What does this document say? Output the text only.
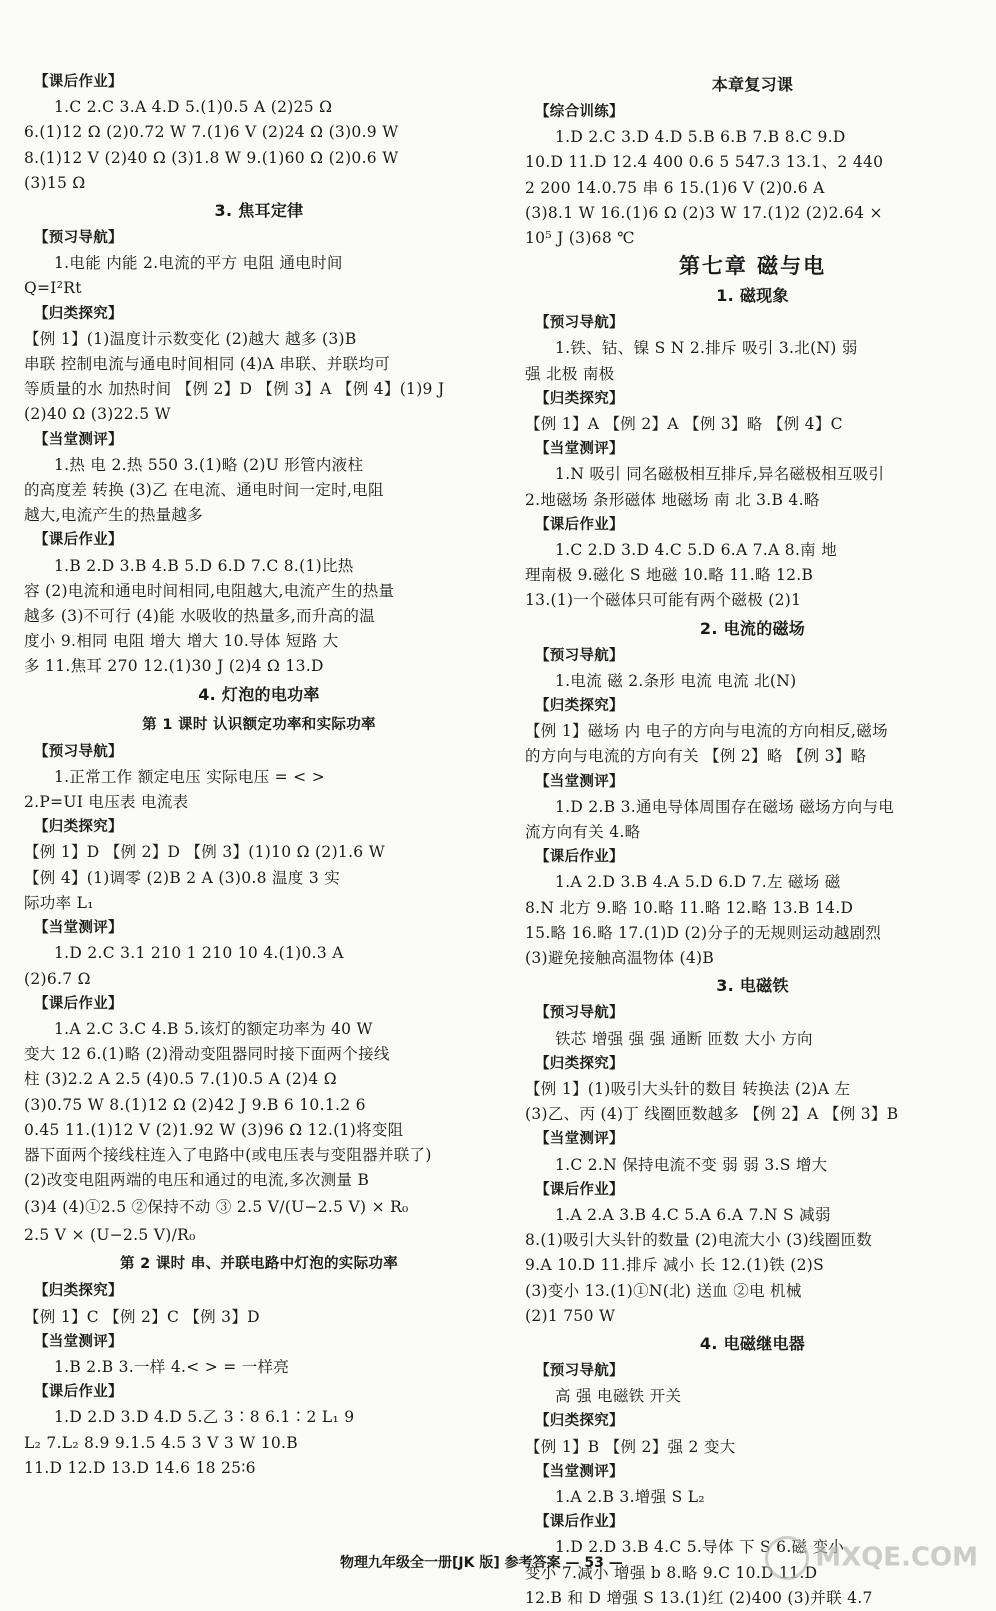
【课后作业】
1.C 2.C 3.A 4.D 5.(1)0.5 A (2)25 Ω
6.(1)12 Ω (2)0.72 W 7.(1)6 V (2)24 Ω (3)0.9 W
8.(1)12 V (2)40 Ω (3)1.8 W 9.(1)60 Ω (2)0.6 W
(3)15 Ω
3. 焦耳定律
【预习导航】
1.电能 内能 2.电流的平方 电阻 通电时间
Q=I²Rt
【归类探究】
【例 1】(1)温度计示数变化 (2)越大 越多 (3)B
串联 控制电流与通电时间相同 (4)A 串联、并联均可
等质量的水 加热时间 【例 2】D 【例 3】A 【例 4】(1)9 J
(2)40 Ω (3)22.5 W
【当堂测评】
1.热 电 2.热 550 3.(1)略 (2)U 形管内液柱
的高度差 转换 (3)乙 在电流、通电时间一定时,电阻
越大,电流产生的热量越多
【课后作业】
1.B 2.D 3.B 4.B 5.D 6.D 7.C 8.(1)比热
容 (2)电流和通电时间相同,电阻越大,电流产生的热量
越多 (3)不可行 (4)能 水吸收的热量多,而升高的温
度小 9.相同 电阻 增大 增大 10.导体 短路 大
多 11.焦耳 270 12.(1)30 J (2)4 Ω 13.D
4. 灯泡的电功率
第 1 课时 认识额定功率和实际功率
【预习导航】
1.正常工作 额定电压 实际电压 = < >
2.P=UI 电压表 电流表
【归类探究】
【例 1】D 【例 2】D 【例 3】(1)10 Ω (2)1.6 W
【例 4】(1)调零 (2)B 2 A (3)0.8 温度 3 实
际功率 L₁
【当堂测评】
1.D 2.C 3.1 210 1 210 10 4.(1)0.3 A
(2)6.7 Ω
【课后作业】
1.A 2.C 3.C 4.B 5.该灯的额定功率为 40 W
变大 12 6.(1)略 (2)滑动变阻器同时接下面两个接线
柱 (3)2.2 A 2.5 (4)0.5 7.(1)0.5 A (2)4 Ω
(3)0.75 W 8.(1)12 Ω (2)42 J 9.B 6 10.1.2 6
0.45 11.(1)12 V (2)1.92 W (3)96 Ω 12.(1)将变阻
器下面两个接线柱连入了电路中(或电压表与变阻器并联了)
(2)改变电阻两端的电压和通过的电流,多次测量 B
(3)4 (4)①2.5 ②保持不动 ③ 2.5 V/(U−2.5 V) × R₀
2.5 V × (U−2.5 V)/R₀
第 2 课时 串、并联电路中灯泡的实际功率
【归类探究】
【例 1】C 【例 2】C 【例 3】D
【当堂测评】
1.B 2.B 3.一样 4.< > = 一样亮
【课后作业】
1.D 2.D 3.D 4.D 5.乙 3∶8 6.1∶2 L₁ 9
L₂ 7.L₂ 8.9 9.1.5 4.5 3 V 3 W 10.B
11.D 12.D 13.D 14.6 18 25∶6
本章复习课
【综合训练】
1.D 2.C 3.D 4.D 5.B 6.B 7.B 8.C 9.D
10.D 11.D 12.4 400 0.6 5 547.3 13.1、2 440
2 200 14.0.75 串 6 15.(1)6 V (2)0.6 A
(3)8.1 W 16.(1)6 Ω (2)3 W 17.(1)2 (2)2.64 ×
10⁵ J (3)68 ℃
第七章 磁与电
1. 磁现象
【预习导航】
1.铁、钴、镍 S N 2.排斥 吸引 3.北(N) 弱
强 北极 南极
【归类探究】
【例 1】A 【例 2】A 【例 3】略 【例 4】C
【当堂测评】
1.N 吸引 同名磁极相互排斥,异名磁极相互吸引
2.地磁场 条形磁体 地磁场 南 北 3.B 4.略
【课后作业】
1.C 2.D 3.D 4.C 5.D 6.A 7.A 8.南 地
理南极 9.磁化 S 地磁 10.略 11.略 12.B
13.(1)一个磁体只可能有两个磁极 (2)1
2. 电流的磁场
【预习导航】
1.电流 磁 2.条形 电流 电流 北(N)
【归类探究】
【例 1】磁场 内 电子的方向与电流的方向相反,磁场
的方向与电流的方向有关 【例 2】略 【例 3】略
【当堂测评】
1.D 2.B 3.通电导体周围存在磁场 磁场方向与电
流方向有关 4.略
【课后作业】
1.A 2.D 3.B 4.A 5.D 6.D 7.左 磁场 磁
8.N 北方 9.略 10.略 11.略 12.略 13.B 14.D
15.略 16.略 17.(1)D (2)分子的无规则运动越剧烈
(3)避免接触高温物体 (4)B
3. 电磁铁
【预习导航】
铁芯 增强 强 强 通断 匝数 大小 方向
【归类探究】
【例 1】(1)吸引大头针的数目 转换法 (2)A 左
(3)乙、丙 (4)丁 线圈匝数越多 【例 2】A 【例 3】B
【当堂测评】
1.C 2.N 保持电流不变 弱 弱 3.S 增大
【课后作业】
1.A 2.A 3.B 4.C 5.A 6.A 7.N S 减弱
8.(1)吸引大头针的数量 (2)电流大小 (3)线圈匝数
9.A 10.D 11.排斥 减小 长 12.(1)铁 (2)S
(3)变小 13.(1)①N(北) 送血 ②电 机械
(2)1 750 W
4. 电磁继电器
【预习导航】
高 强 电磁铁 开关
【归类探究】
【例 1】B 【例 2】强 2 变大
【当堂测评】
1.A 2.B 3.增强 S L₂
【课后作业】
1.D 2.D 3.B 4.C 5.导体 下 S 6.磁 变小
变小 7.减小 增强 b 8.略 9.C 10.D 11.D
12.B 和 D 增强 S 13.(1)红 (2)400 (3)并联 4.7
物理九年级全一册[JK 版] 参考答案 — 53 —	MXQE.COM
